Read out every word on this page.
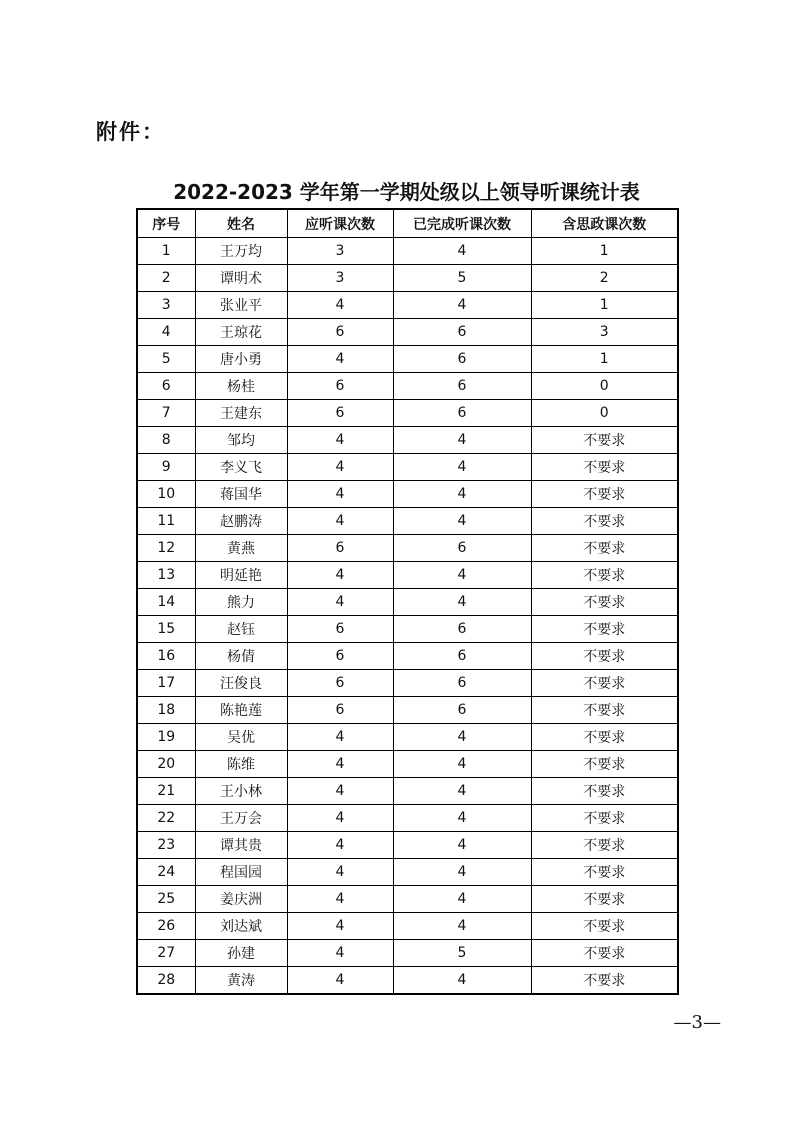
附件：
2022-2023 学年第一学期处级以上领导听课统计表
序号	姓名	应听课次数	已完成听课次数	含思政课次数
1	王万均	3	4	1
2	谭明术	3	5	2
3	张业平	4	4	1
4	王琼花	6	6	3
5	唐小勇	4	6	1
6	杨桂	6	6	0
7	王建东	6	6	0
8	邹均	4	4	不要求
9	李义飞	4	4	不要求
10	蒋国华	4	4	不要求
11	赵鹏涛	4	4	不要求
12	黄燕	6	6	不要求
13	明延艳	4	4	不要求
14	熊力	4	4	不要求
15	赵钰	6	6	不要求
16	杨倩	6	6	不要求
17	汪俊良	6	6	不要求
18	陈艳莲	6	6	不要求
19	吴优	4	4	不要求
20	陈维	4	4	不要求
21	王小林	4	4	不要求
22	王万会	4	4	不要求
23	谭其贵	4	4	不要求
24	程国园	4	4	不要求
25	姜庆洲	4	4	不要求
26	刘达斌	4	4	不要求
27	孙建	4	5	不要求
28	黄涛	4	4	不要求
—3—
